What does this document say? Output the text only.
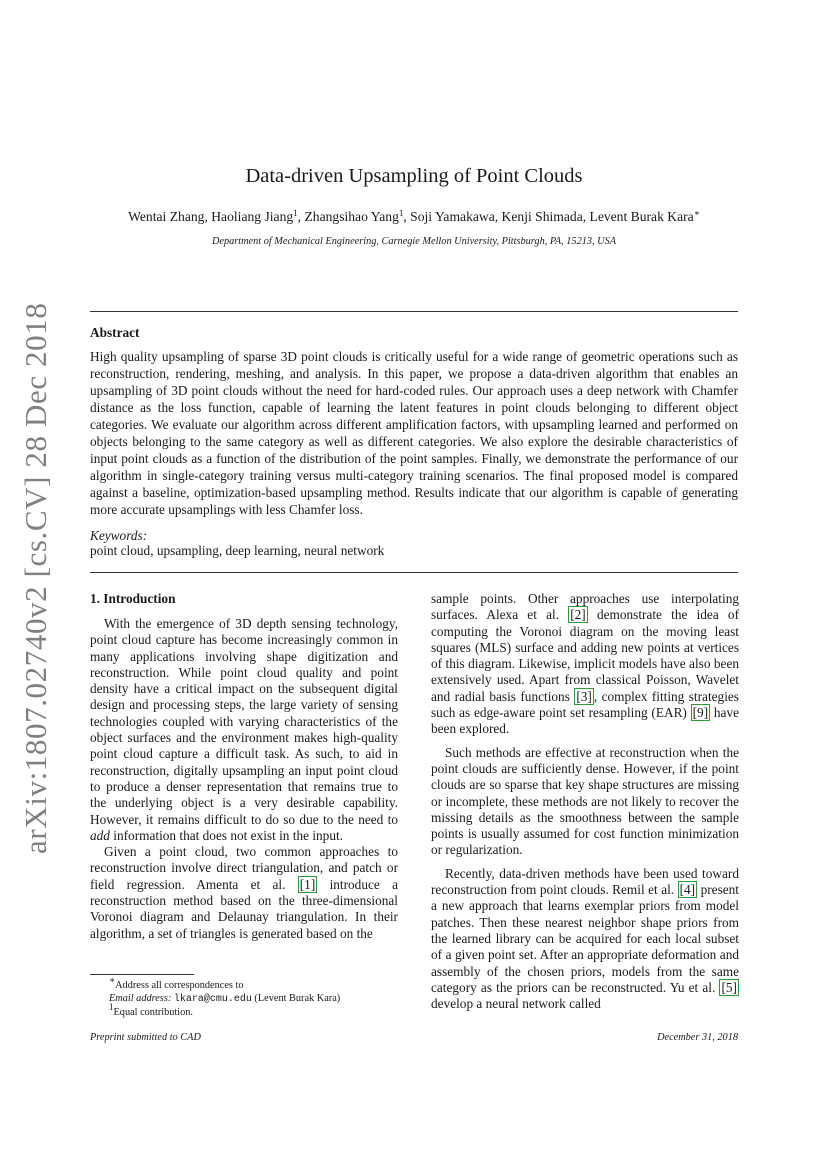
arXiv:1807.02740v2 [cs.CV] 28 Dec 2018
Data-driven Upsampling of Point Clouds
Wentai Zhang, Haoliang Jiang$^1$, Zhangsihao Yang$^1$, Soji Yamakawa, Kenji Shimada, Levent Burak Kara∗
Department of Mechanical Engineering, Carnegie Mellon University, Pittsburgh, PA, 15213, USA
Abstract
High quality upsampling of sparse 3D point clouds is critically useful for a wide range of geometric operations such as reconstruction, rendering, meshing, and analysis. In this paper, we propose a data-driven algorithm that enables an upsampling of 3D point clouds without the need for hard-coded rules. Our approach uses a deep network with Chamfer distance as the loss function, capable of learning the latent features in point clouds belonging to different object categories. We evaluate our algorithm across different amplification factors, with upsampling learned and performed on objects belonging to the same category as well as different categories. We also explore the desirable characteristics of input point clouds as a function of the distribution of the point samples. Finally, we demonstrate the performance of our algorithm in single-category training versus multi-category training scenarios. The final proposed model is compared against a baseline, optimization-based upsampling method. Results indicate that our algorithm is capable of generating more accurate upsamplings with less Chamfer loss.
Keywords:
point cloud, upsampling, deep learning, neural network
1. Introduction

With the emergence of 3D depth sensing technology, point cloud capture has become increasingly common in many applications involving shape digitization and reconstruction. While point cloud quality and point density have a critical impact on the subsequent digital design and processing steps, the large variety of sensing technologies coupled with varying characteristics of the object surfaces and the environment makes high-quality point cloud capture a difficult task. As such, to aid in reconstruction, digitally upsampling an input point cloud to produce a denser representation that remains true to the underlying object is a very desirable capability. However, it remains difficult to do so due to the need to add information that does not exist in the input.

Given a point cloud, two common approaches to reconstruction involve direct triangulation, and patch or field regression. Amenta et al. [1] introduce a reconstruction method based on the three-dimensional Voronoi diagram and Delaunay triangulation. In their algorithm, a set of triangles is generated based on the

sample points. Other approaches use interpolating surfaces. Alexa et al. [2] demonstrate the idea of computing the Voronoi diagram on the moving least squares (MLS) surface and adding new points at vertices of this diagram. Likewise, implicit models have also been extensively used. Apart from classical Poisson, Wavelet and radial basis functions [3] , complex fitting strategies such as edge-aware point set resampling (EAR) [9] have been explored.

Such methods are effective at reconstruction when the point clouds are sufficiently dense. However, if the point clouds are so sparse that key shape structures are missing or incomplete, these methods are not likely to recover the missing details as the smoothness between the sample points is usually assumed for cost function minimization or regularization.

Recently, data-driven methods have been used toward reconstruction from point clouds. Remil et al. [4] present a new approach that learns exemplar priors from model patches. Then these nearest neighbor shape priors from the learned library can be acquired for each local subset of a given point set. After an appropriate deformation and assembly of the chosen priors, models from the same category as the priors can be reconstructed. Yu et al. [5] develop a neural network called

∗Address all correspondences to
Email address: lkara@cmu.edu (Levent Burak Kara)
$^1$Equal contribution.
Preprint submitted to CAD	December 31, 2018
